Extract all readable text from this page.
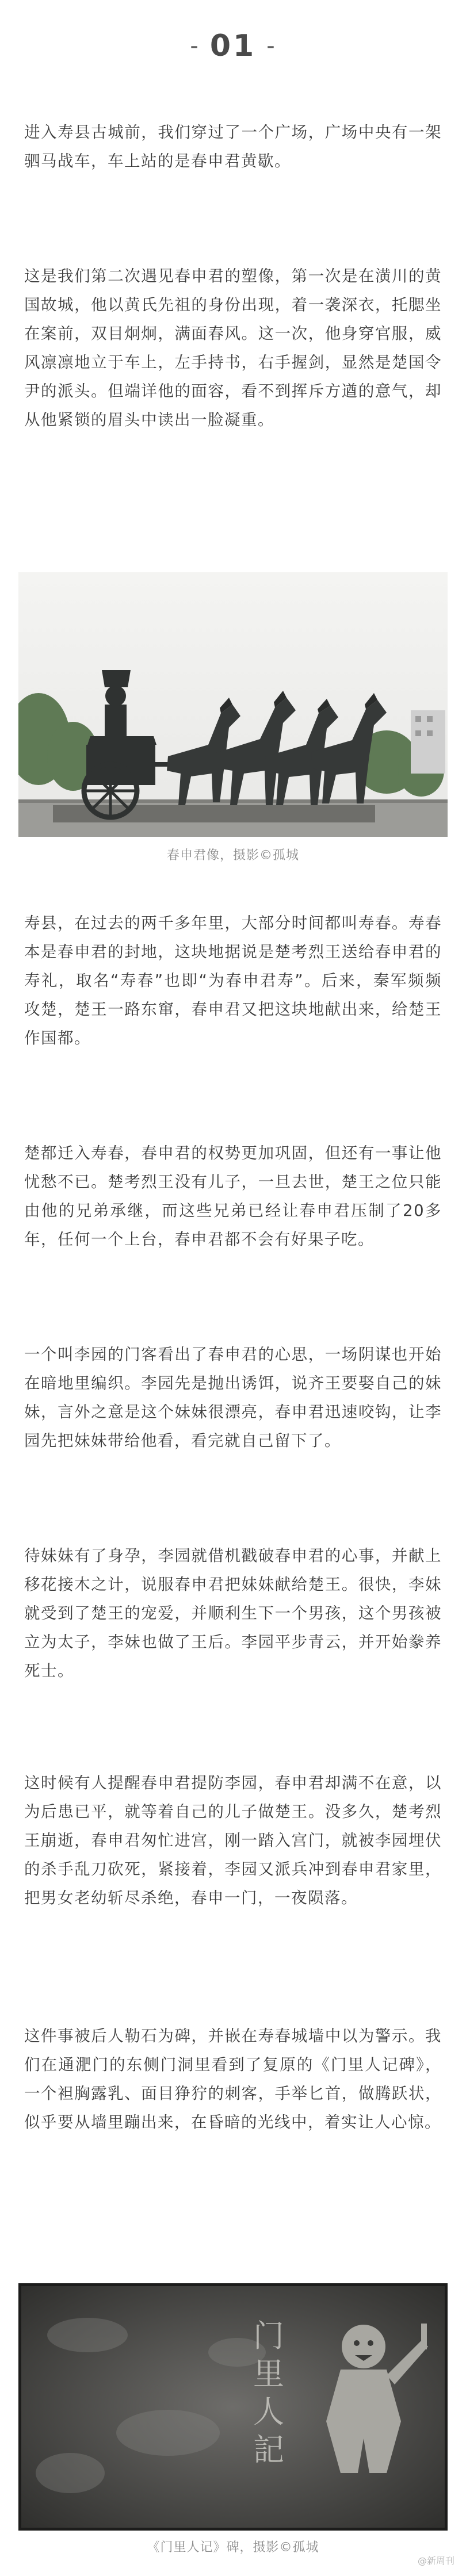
- 01 -

进入寿县古城前，我们穿过了一个广场，广场中央有一架驷马战车，车上站的是春申君黄歇。

这是我们第二次遇见春申君的塑像，第一次是在潢川的黄国故城，他以黄氏先祖的身份出现，着一袭深衣，托腮坐在案前，双目炯炯，满面春风。这一次，他身穿官服，威风凛凛地立于车上，左手持书，右手握剑，显然是楚国令尹的派头。但端详他的面容，看不到挥斥方遒的意气，却从他紧锁的眉头中读出一脸凝重。

春申君像，摄影©孤城

寿县，在过去的两千多年里，大部分时间都叫寿春。寿春本是春申君的封地，这块地据说是楚考烈王送给春申君的寿礼，取名“寿春”也即“为春申君寿”。后来，秦军频频攻楚，楚王一路东窜，春申君又把这块地献出来，给楚王作国都。

楚都迁入寿春，春申君的权势更加巩固，但还有一事让他忧愁不已。楚考烈王没有儿子，一旦去世，楚王之位只能由他的兄弟承继，而这些兄弟已经让春申君压制了20多年，任何一个上台，春申君都不会有好果子吃。

一个叫李园的门客看出了春申君的心思，一场阴谋也开始在暗地里编织。李园先是抛出诱饵，说齐王要娶自己的妹妹，言外之意是这个妹妹很漂亮，春申君迅速咬钩，让李园先把妹妹带给他看，看完就自己留下了。

待妹妹有了身孕，李园就借机戳破春申君的心事，并献上移花接木之计，说服春申君把妹妹献给楚王。很快，李妹就受到了楚王的宠爱，并顺利生下一个男孩，这个男孩被立为太子，李妹也做了王后。李园平步青云，并开始豢养死士。

这时候有人提醒春申君提防李园，春申君却满不在意，以为后患已平，就等着自己的儿子做楚王。没多久，楚考烈王崩逝，春申君匆忙进宫，刚一踏入宫门，就被李园埋伏的杀手乱刀砍死，紧接着，李园又派兵冲到春申君家里，把男女老幼斩尽杀绝，春申一门，一夜陨落。

这件事被后人勒石为碑，并嵌在寿春城墙中以为警示。我们在通淝门的东侧门洞里看到了复原的《门里人记碑》，一个袒胸露乳、面目狰狞的刺客，手举匕首，做腾跃状，似乎要从墙里蹦出来，在昏暗的光线中，着实让人心惊。

门里人記
《门里人记》碑，摄影©孤城
@新周刊
